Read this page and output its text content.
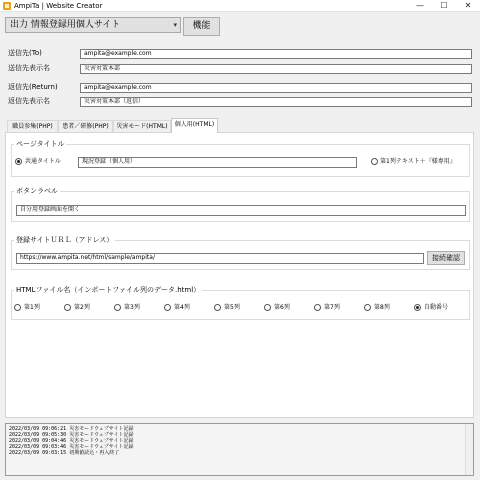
AmpiTa | Website Creator	—	☐	✕
出力 情報登録用個人サイト	▾	機能
送信先(To)	ampita@example.com
送信先表示名	災害対策本部
返信先(Return)	ampita@example.com
返信先表示名	災害対策本部（返信）
職員参集(PHP)	患者／研修(PHP)	災害モード(HTML)	個人用(HTML)
ページタイトル
共通タイトル	現況登録（個人用）	第1列テキスト＋『様専用』
ボタンラベル
自分用登録画面を開く
登録サイトＵＲＬ（アドレス）
https://www.ampita.net/html/sample/ampita/	接続確認
HTMLファイル名（インポートファイル列のデータ.html）
第1列	第2列	第3列	第4列	第5列	第6列	第7列	第8列	自動番号
2022/03/09 09:06:21 災害モードウェブサイト記録
2022/03/09 09:05:30 災害モードウェブサイト記録
2022/03/09 09:04:46 災害モードウェブサイト記録
2022/03/09 09:03:46 災害モードウェブサイト記録
2022/03/09 09:03:15 初期値読込・再入終了
